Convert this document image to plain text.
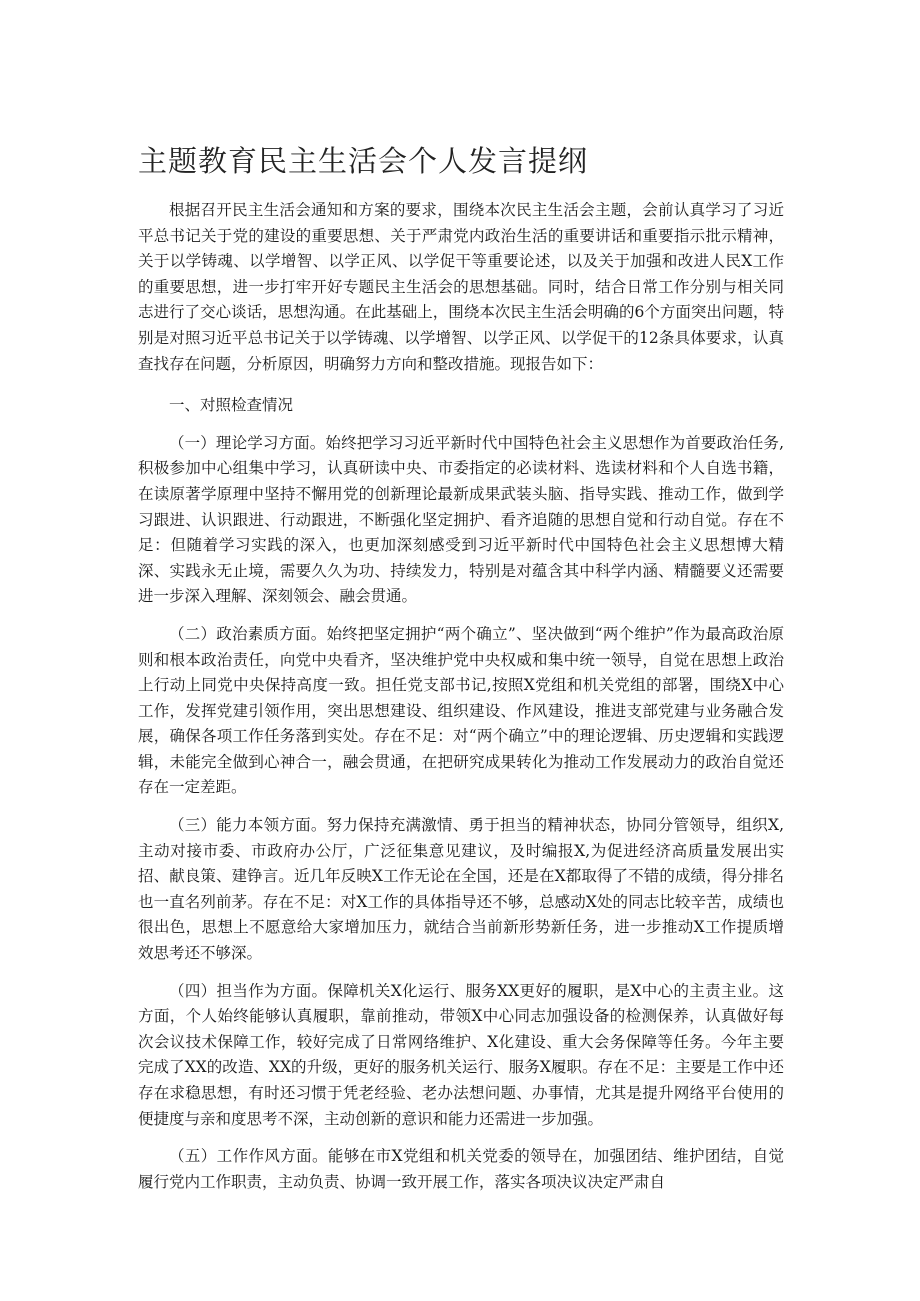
主题教育民主生活会个人发言提纲

根据召开民主生活会通知和方案的要求，围绕本次民主生活会主题，会前认真学习了习近平总书记关于党的建设的重要思想、关于严肃党内政治生活的重要讲话和重要指示批示精神，关于以学铸魂、以学增智、以学正风、以学促干等重要论述，以及关于加强和改进人民X工作的重要思想，进一步打牢开好专题民主生活会的思想基础。同时，结合日常工作分别与相关同志进行了交心谈话，思想沟通。在此基础上，围绕本次民主生活会明确的6个方面突出问题，特别是对照习近平总书记关于以学铸魂、以学增智、以学正风、以学促干的12条具体要求，认真查找存在问题，分析原因，明确努力方向和整改措施。现报告如下：

一、对照检查情况

（一）理论学习方面。始终把学习习近平新时代中国特色社会主义思想作为首要政治任务,积极参加中心组集中学习，认真研读中央、市委指定的必读材料、选读材料和个人自选书籍，在读原著学原理中坚持不懈用党的创新理论最新成果武装头脑、指导实践、推动工作，做到学习跟进、认识跟进、行动跟进，不断强化坚定拥护、看齐追随的思想自觉和行动自觉。存在不足：但随着学习实践的深入，也更加深刻感受到习近平新时代中国特色社会主义思想博大精深、实践永无止境，需要久久为功、持续发力，特别是对蕴含其中科学内涵、精髓要义还需要进一步深入理解、深刻领会、融会贯通。

（二）政治素质方面。始终把坚定拥护“两个确立”、坚决做到“两个维护”作为最高政治原则和根本政治责任，向党中央看齐，坚决维护党中央权威和集中统一领导，自觉在思想上政治上行动上同党中央保持高度一致。担任党支部书记,按照X党组和机关党组的部署，围绕X中心工作，发挥党建引领作用，突出思想建设、组织建设、作风建设，推进支部党建与业务融合发展，确保各项工作任务落到实处。存在不足：对“两个确立”中的理论逻辑、历史逻辑和实践逻辑，未能完全做到心神合一，融会贯通，在把研究成果转化为推动工作发展动力的政治自觉还存在一定差距。

（三）能力本领方面。努力保持充满激情、勇于担当的精神状态，协同分管领导，组织X,主动对接市委、市政府办公厅，广泛征集意见建议，及时编报X,为促进经济高质量发展出实招、献良策、建铮言。近几年反映X工作无论在全国，还是在X都取得了不错的成绩，得分排名也一直名列前茅。存在不足：对X工作的具体指导还不够，总感动X处的同志比较辛苦，成绩也很出色，思想上不愿意给大家增加压力，就结合当前新形势新任务，进一步推动X工作提质增效思考还不够深。

（四）担当作为方面。保障机关X化运行、服务XX更好的履职，是X中心的主责主业。这方面，个人始终能够认真履职，靠前推动，带领X中心同志加强设备的检测保养，认真做好每次会议技术保障工作，较好完成了日常网络维护、X化建设、重大会务保障等任务。今年主要完成了XX的改造、XX的升级，更好的服务机关运行、服务X履职。存在不足：主要是工作中还存在求稳思想，有时还习惯于凭老经验、老办法想问题、办事情，尤其是提升网络平台使用的便捷度与亲和度思考不深，主动创新的意识和能力还需进一步加强。

（五）工作作风方面。能够在市X党组和机关党委的领导在，加强团结、维护团结，自觉履行党内工作职责，主动负责、协调一致开展工作，落实各项决议决定严肃自
